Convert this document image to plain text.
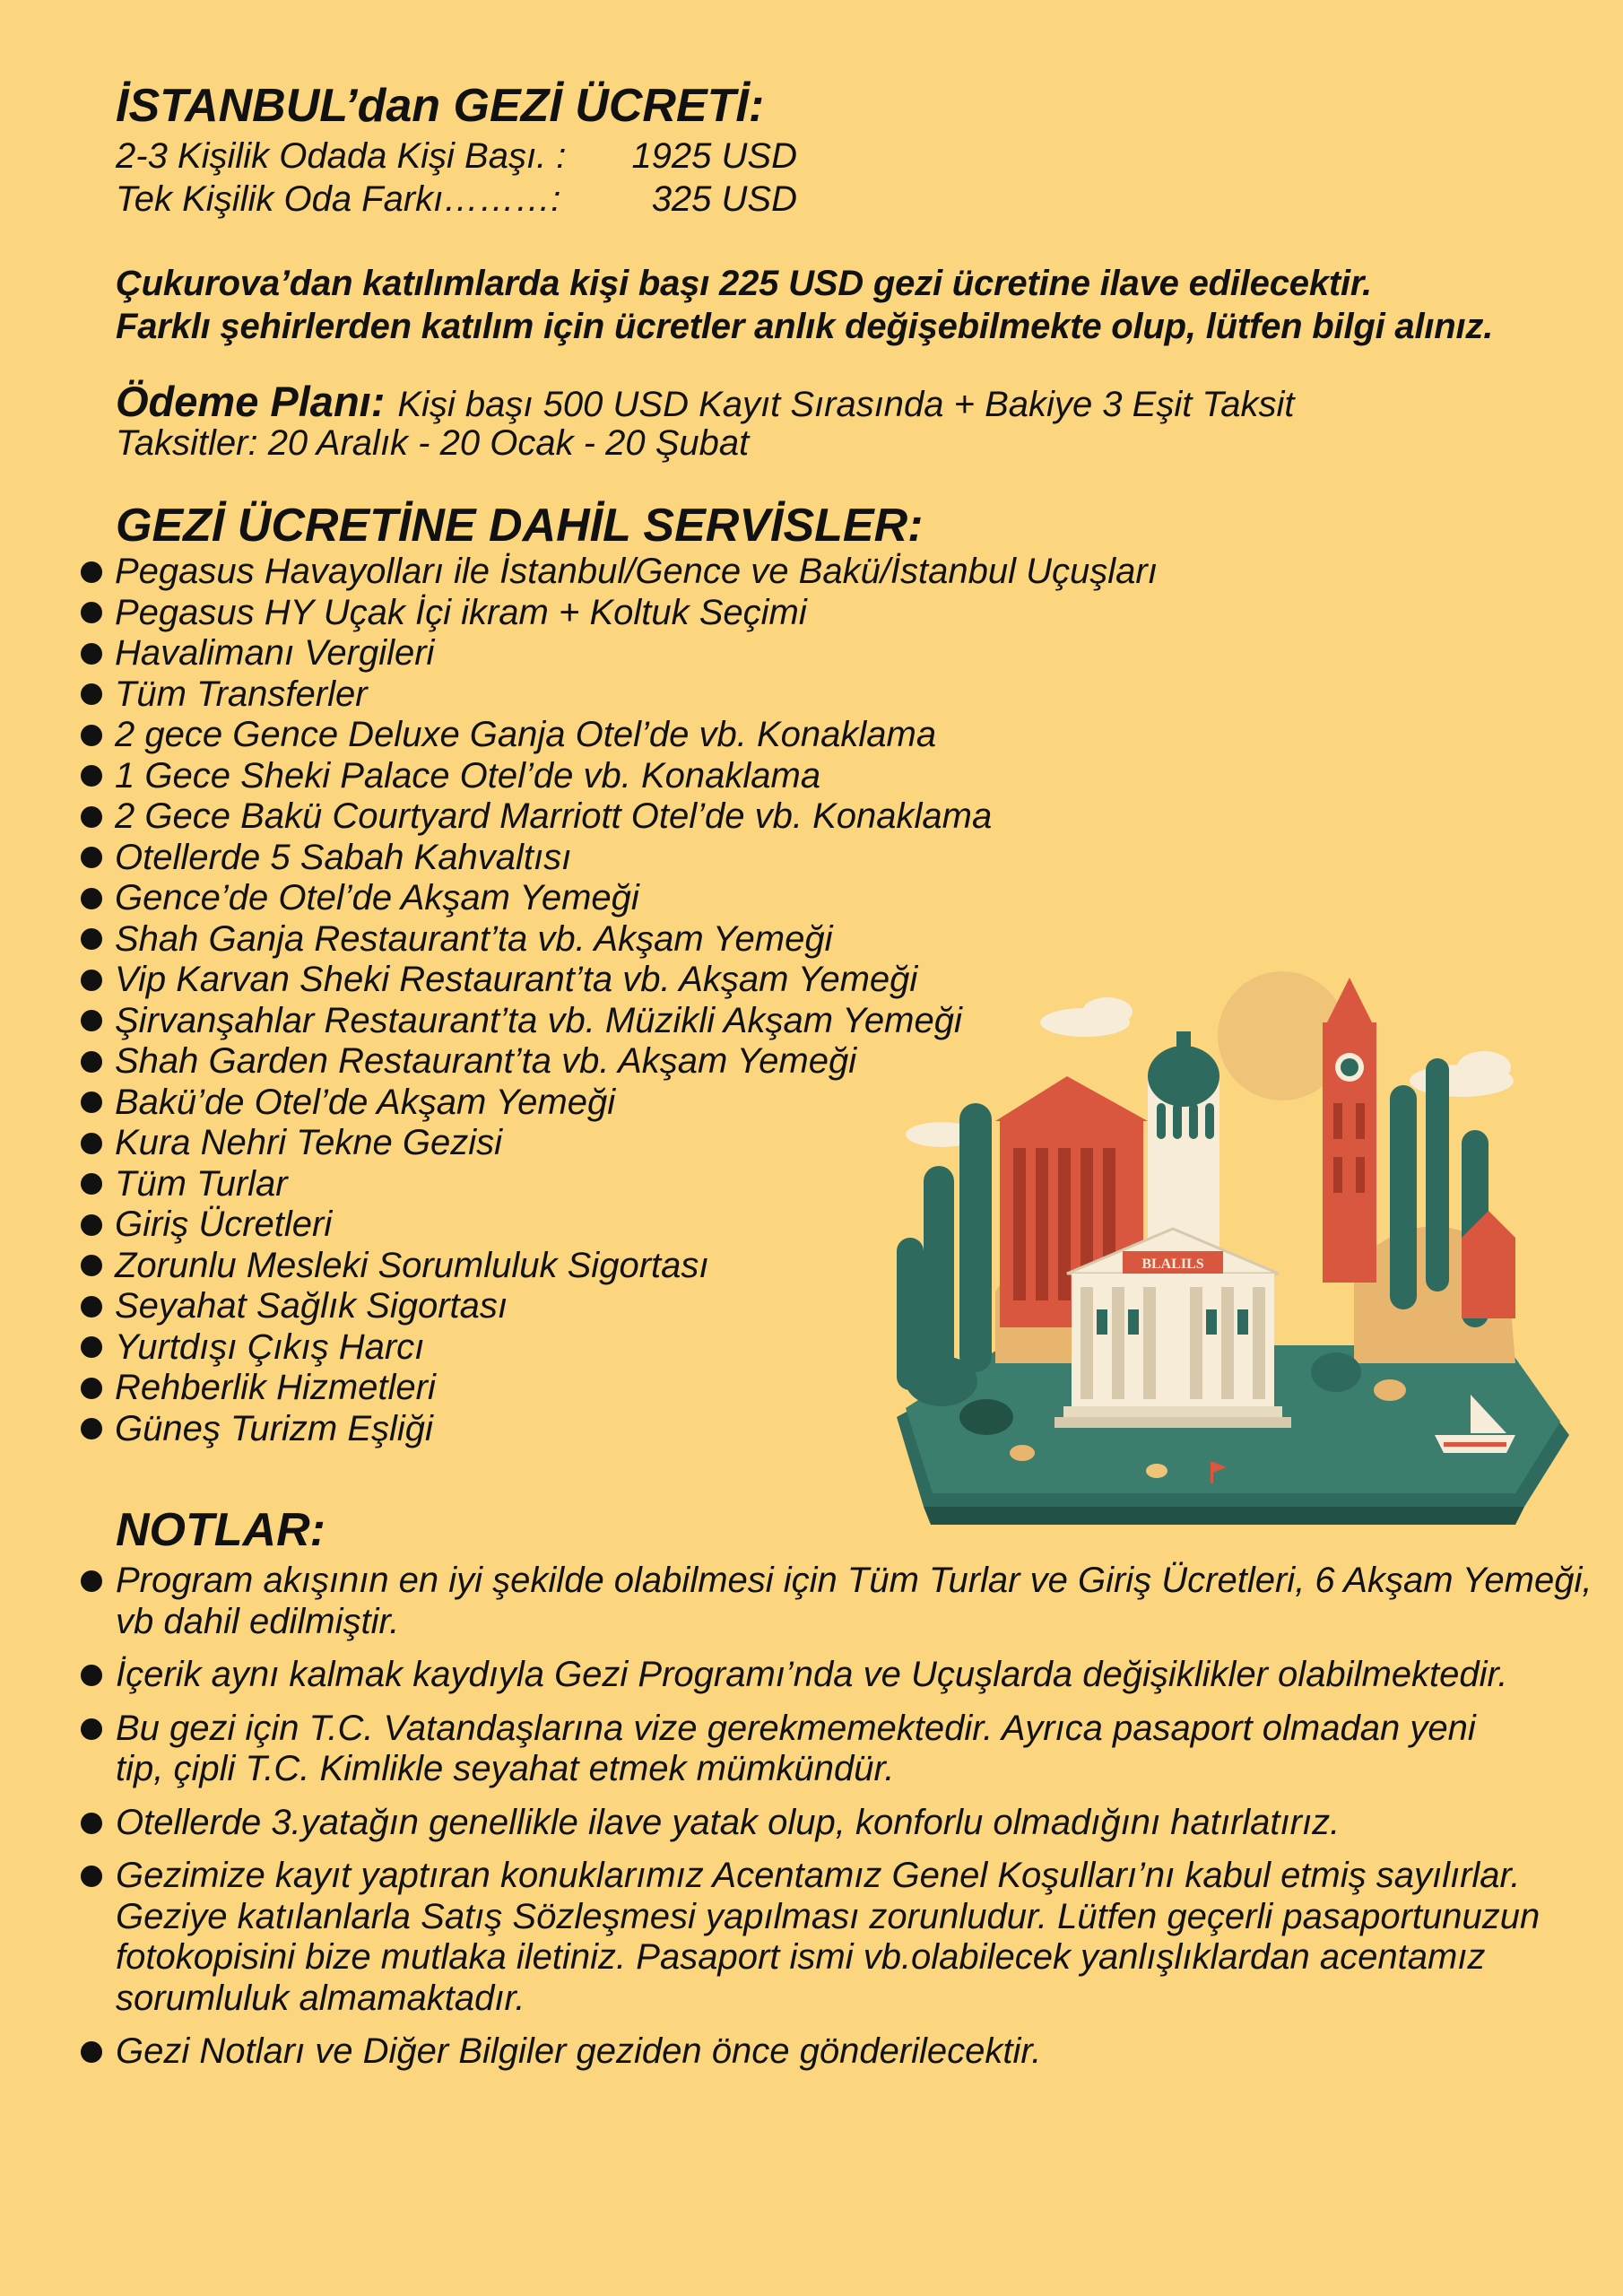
İSTANBUL’dan GEZİ ÜCRETİ:
2-3 Kişilik Odada Kişi Başı. : 1925 USD
Tek Kişilik Oda Farkı………:	325 USD
Çukurova’dan katılımlarda kişi başı 225 USD gezi ücretine ilave edilecektir.
Farklı şehirlerden katılım için ücretler anlık değişebilmekte olup, lütfen bilgi alınız.
Ödeme Planı: Kişi başı 500 USD Kayıt Sırasında + Bakiye 3 Eşit Taksit
Taksitler: 20 Aralık - 20 Ocak - 20 Şubat
GEZİ ÜCRETİNE DAHİL SERVİSLER:
Pegasus Havayolları ile İstanbul/Gence ve Bakü/İstanbul Uçuşları
Pegasus HY Uçak İçi ikram + Koltuk Seçimi
Havalimanı Vergileri
Tüm Transferler
2 gece Gence Deluxe Ganja Otel’de vb. Konaklama
1 Gece Sheki Palace Otel’de vb. Konaklama
2 Gece Bakü Courtyard Marriott Otel’de vb. Konaklama
Otellerde 5 Sabah Kahvaltısı
Gence’de Otel’de Akşam Yemeği
Shah Ganja Restaurant’ta vb. Akşam Yemeği
Vip Karvan Sheki Restaurant’ta vb. Akşam Yemeği
Şirvanşahlar Restaurant’ta vb. Müzikli Akşam Yemeği
Shah Garden Restaurant’ta vb. Akşam Yemeği
Bakü’de Otel’de Akşam Yemeği
Kura Nehri Tekne Gezisi
Tüm Turlar
Giriş Ücretleri
Zorunlu Mesleki Sorumluluk Sigortası
Seyahat Sağlık Sigortası
Yurtdışı Çıkış Harcı
Rehberlik Hizmetleri
Güneş Turizm Eşliği
BLALILS
NOTLAR:
Program akışının en iyi şekilde olabilmesi için Tüm Turlar ve Giriş Ücretleri, 6 Akşam Yemeği, vb dahil edilmiştir.
İçerik aynı kalmak kaydıyla Gezi Programı’nda ve Uçuşlarda değişiklikler olabilmektedir.
Bu gezi için T.C. Vatandaşlarına vize gerekmemektedir. Ayrıca pasaport olmadan yeni tip, çipli T.C. Kimlikle seyahat etmek mümkündür.
Otellerde 3.yatağın genellikle ilave yatak olup, konforlu olmadığını hatırlatırız.
Gezimize kayıt yaptıran konuklarımız Acentamız Genel Koşulları’nı kabul etmiş sayılırlar. Geziye katılanlarla Satış Sözleşmesi yapılması zorunludur. Lütfen geçerli pasaportunuzun fotokopisini bize mutlaka iletiniz. Pasaport ismi vb.olabilecek yanlışlıklardan acentamız sorumluluk almamaktadır.
Gezi Notları ve Diğer Bilgiler geziden önce gönderilecektir.
